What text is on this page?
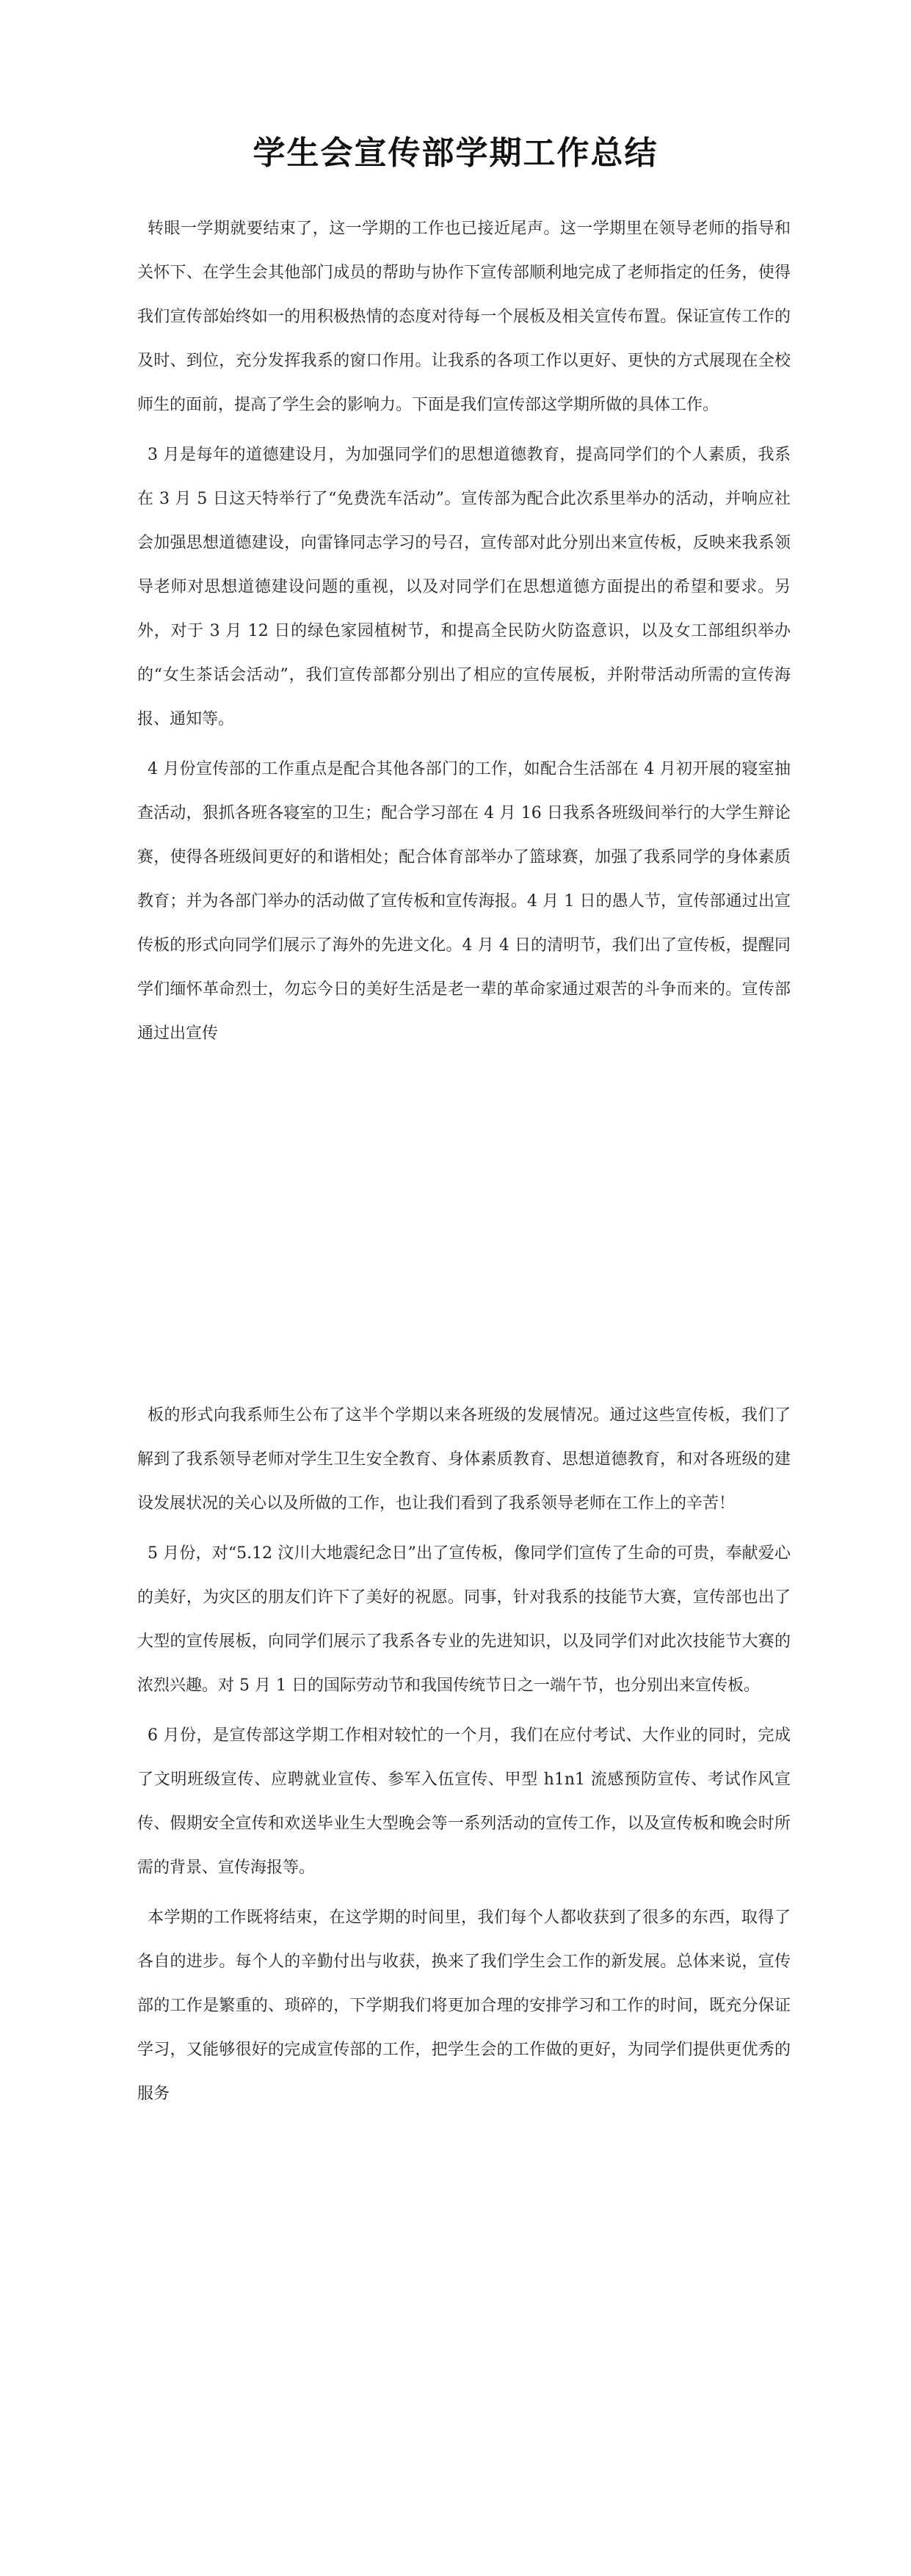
学生会宣传部学期工作总结

转眼一学期就要结束了，这一学期的工作也已接近尾声。这一学期里在领导老师的指导和关怀下、在学生会其他部门成员的帮助与协作下宣传部顺利地完成了老师指定的任务，使得我们宣传部始终如一的用积极热情的态度对待每一个展板及相关宣传布置。保证宣传工作的及时、到位，充分发挥我系的窗口作用。让我系的各项工作以更好、更快的方式展现在全校师生的面前，提高了学生会的影响力。下面是我们宣传部这学期所做的具体工作。

3 月是每年的道德建设月，为加强同学们的思想道德教育，提高同学们的个人素质，我系在 3 月 5 日这天特举行了“免费洗车活动”。宣传部为配合此次系里举办的活动，并响应社会加强思想道德建设，向雷锋同志学习的号召，宣传部对此分别出来宣传板，反映来我系领导老师对思想道德建设问题的重视，以及对同学们在思想道德方面提出的希望和要求。另外，对于 3 月 12 日的绿色家园植树节，和提高全民防火防盗意识，以及女工部组织举办的“女生茶话会活动”，我们宣传部都分别出了相应的宣传展板，并附带活动所需的宣传海报、通知等。

4 月份宣传部的工作重点是配合其他各部门的工作，如配合生活部在 4 月初开展的寝室抽查活动，狠抓各班各寝室的卫生；配合学习部在 4 月 16 日我系各班级间举行的大学生辩论赛，使得各班级间更好的和谐相处；配合体育部举办了篮球赛，加强了我系同学的身体素质教育；并为各部门举办的活动做了宣传板和宣传海报。4 月 1 日的愚人节，宣传部通过出宣传板的形式向同学们展示了海外的先进文化。4 月 4 日的清明节，我们出了宣传板，提醒同学们缅怀革命烈士，勿忘今日的美好生活是老一辈的革命家通过艰苦的斗争而来的。宣传部通过出宣传

板的形式向我系师生公布了这半个学期以来各班级的发展情况。通过这些宣传板，我们了解到了我系领导老师对学生卫生安全教育、身体素质教育、思想道德教育，和对各班级的建设发展状况的关心以及所做的工作，也让我们看到了我系领导老师在工作上的辛苦！

5 月份，对“5.12 汶川大地震纪念日”出了宣传板，像同学们宣传了生命的可贵，奉献爱心的美好，为灾区的朋友们许下了美好的祝愿。同事，针对我系的技能节大赛，宣传部也出了大型的宣传展板，向同学们展示了我系各专业的先进知识，以及同学们对此次技能节大赛的浓烈兴趣。对 5 月 1 日的国际劳动节和我国传统节日之一端午节，也分别出来宣传板。

6 月份，是宣传部这学期工作相对较忙的一个月，我们在应付考试、大作业的同时，完成了文明班级宣传、应聘就业宣传、参军入伍宣传、甲型 h1n1 流感预防宣传、考试作风宣传、假期安全宣传和欢送毕业生大型晚会等一系列活动的宣传工作，以及宣传板和晚会时所需的背景、宣传海报等。

本学期的工作既将结束，在这学期的时间里，我们每个人都收获到了很多的东西，取得了各自的进步。每个人的辛勤付出与收获，换来了我们学生会工作的新发展。总体来说，宣传部的工作是繁重的、琐碎的，下学期我们将更加合理的安排学习和工作的时间，既充分保证学习，又能够很好的完成宣传部的工作，把学生会的工作做的更好，为同学们提供更优秀的服务
